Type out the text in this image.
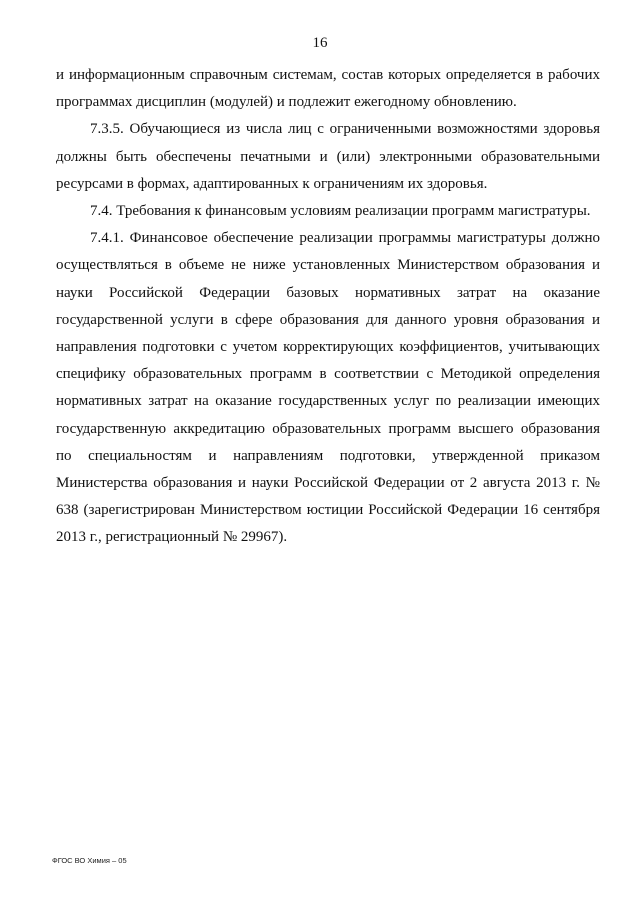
16

и информационным справочным системам, состав которых определяется в рабочих программах дисциплин (модулей) и подлежит ежегодному обновлению.

7.3.5. Обучающиеся из числа лиц с ограниченными возможностями здоровья должны быть обеспечены печатными и (или) электронными образовательными ресурсами в формах, адаптированных к ограничениям их здоровья.

7.4. Требования к финансовым условиям реализации программ магистратуры.

7.4.1. Финансовое обеспечение реализации программы магистратуры должно осуществляться в объеме не ниже установленных Министерством образования и науки Российской Федерации базовых нормативных затрат на оказание государственной услуги в сфере образования для данного уровня образования и направления подготовки с учетом корректирующих коэффициентов, учитывающих специфику образовательных программ в соответствии с Методикой определения нормативных затрат на оказание государственных услуг по реализации имеющих государственную аккредитацию образовательных программ высшего образования по специальностям и направлениям подготовки, утвержденной приказом Министерства образования и науки Российской Федерации от 2 августа 2013 г. № 638 (зарегистрирован Министерством юстиции Российской Федерации 16 сентября 2013 г., регистрационный № 29967).

ФГОС ВО Химия – 05
